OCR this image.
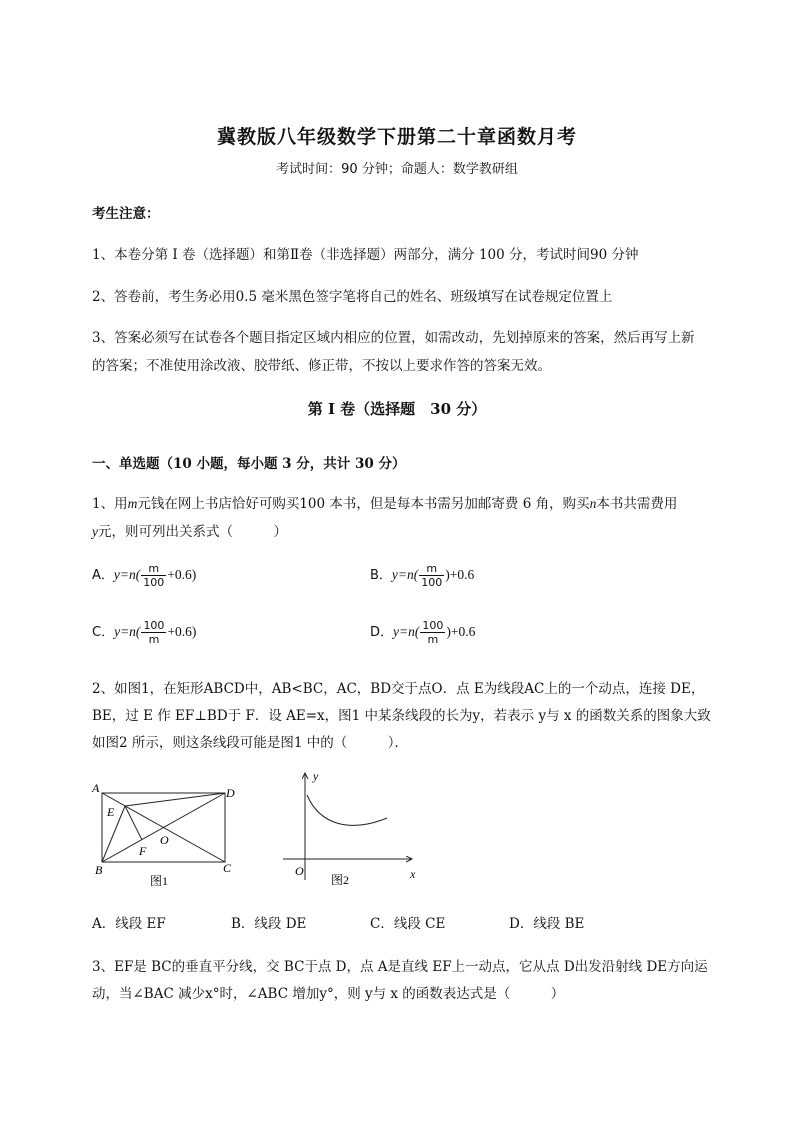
冀教版八年级数学下册第二十章函数月考

考试时间：90 分钟；命题人：数学教研组

考生注意：

1、本卷分第 I 卷（选择题）和第Ⅱ卷（非选择题）两部分，满分 100 分，考试时间90 分钟

2、答卷前，考生务必用0.5 毫米黑色签字笔将自己的姓名、班级填写在试卷规定位置上

3、答案必须写在试卷各个题目指定区域内相应的位置，如需改动，先划掉原来的答案，然后再写上新

的答案；不准使用涂改液、胶带纸、修正带，不按以上要求作答的答案无效。

第 I 卷（选择题　30 分）

一、单选题（10 小题，每小题 3 分，共计 30 分）

1、用m元钱在网上书店恰好可购买100 本书，但是每本书需另加邮寄费 6 角，购买n本书共需费用

y元，则可列出关系式（　　　）

A．$y=n( \frac{m}{100} +0.6)$	B．$y=n( \frac{m}{100} )+0.6$
C．$y=n( \frac{100}{m} +0.6)$	D．$y=n( \frac{100}{m} )+0.6$

2、如图1，在矩形ABCD中，AB<BC，AC，BD交于点O．点 E为线段AC上的一个动点，连接 DE，

BE，过 E 作 EF⊥BD于 F．设 AE=x，图1 中某条线段的长为y，若表示 y与 x 的函数关系的图象大致

如图2 所示，则这条线段可能是图1 中的（　　　）．

A	D
B	C
E
F
O
图1
y
x
O
图2

A．线段 EF	B．线段 DE	C．线段 CE	D．线段 BE

3、EF是 BC的垂直平分线，交 BC于点 D，点 A是直线 EF上一动点，它从点 D出发沿射线 DE方向运

动，当∠BAC 减少x°时，∠ABC 增加y°，则 y与 x 的函数表达式是（　　　）
